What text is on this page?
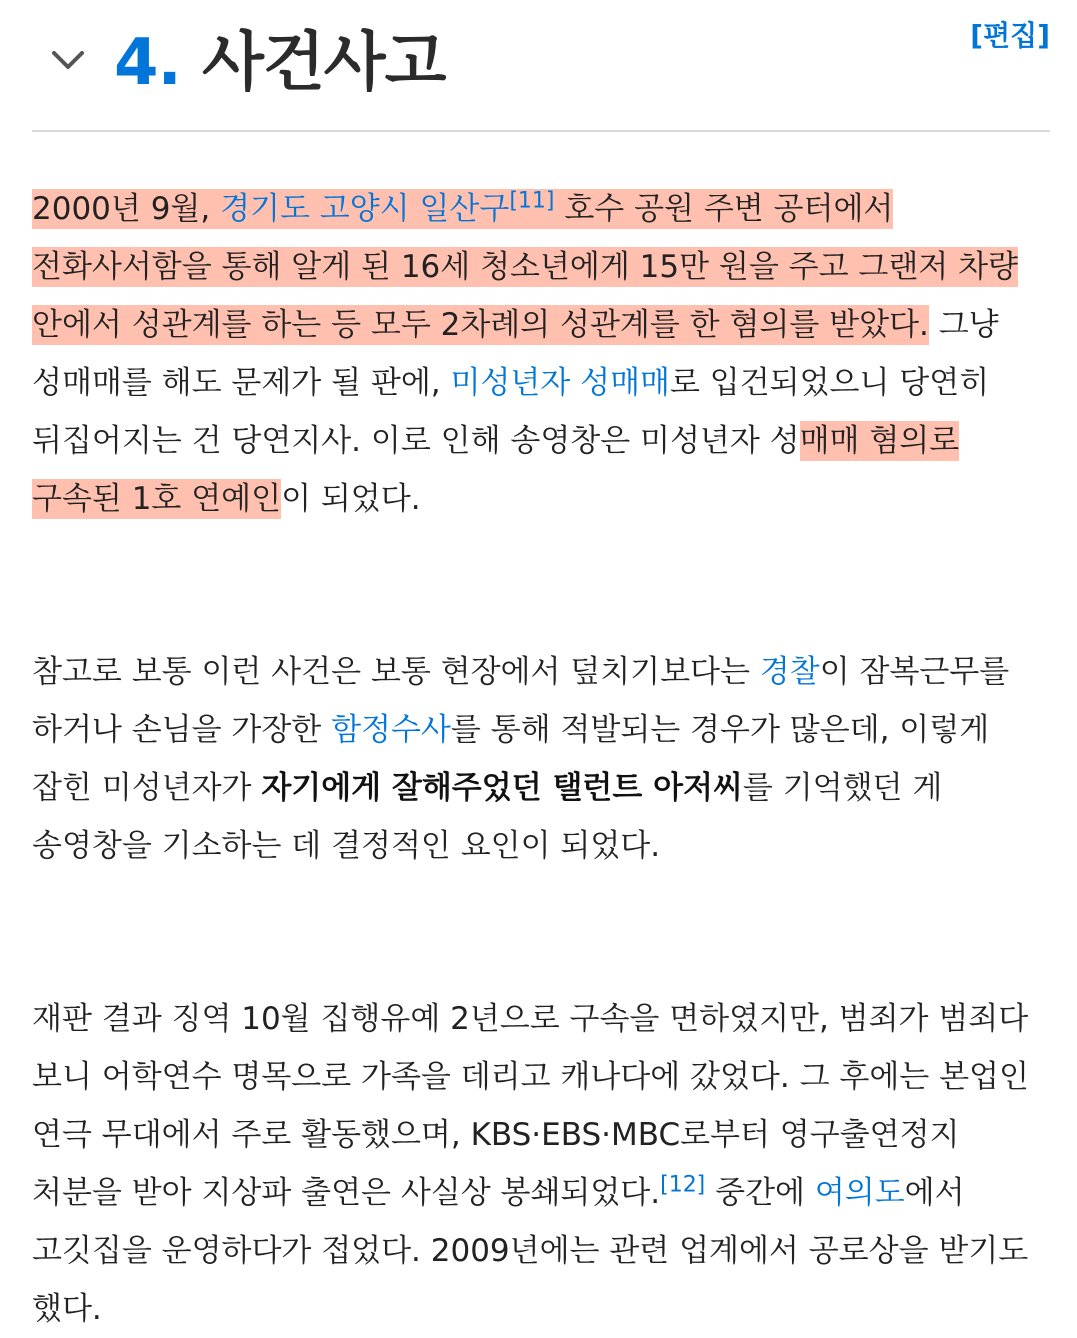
4. 사건사고	[편집]

2000년 9월, 경기도 고양시 일산구[11] 호수 공원 주변 공터에서 전화사서함을 통해 알게 된 16세 청소년에게 15만 원을 주고 그랜저 차량 안에서 성관계를 하는 등 모두 2차례의 성관계를 한 혐의를 받았다. 그냥 성매매를 해도 문제가 될 판에, 미성년자 성매매로 입건되었으니 당연히 뒤집어지는 건 당연지사. 이로 인해 송영창은 미성년자 성매매 혐의로 구속된 1호 연예인이 되었다.

참고로 보통 이런 사건은 보통 현장에서 덮치기보다는 경찰이 잠복근무를 하거나 손님을 가장한 함정수사를 통해 적발되는 경우가 많은데, 이렇게 잡힌 미성년자가 자기에게 잘해주었던 탤런트 아저씨를 기억했던 게 송영창을 기소하는 데 결정적인 요인이 되었다.

재판 결과 징역 10월 집행유예 2년으로 구속을 면하였지만, 범죄가 범죄다 보니 어학연수 명목으로 가족을 데리고 캐나다에 갔었다. 그 후에는 본업인 연극 무대에서 주로 활동했으며, KBS·EBS·MBC로부터 영구출연정지 처분을 받아 지상파 출연은 사실상 봉쇄되었다.[12] 중간에 여의도에서 고깃집을 운영하다가 접었다. 2009년에는 관련 업계에서 공로상을 받기도 했다.
